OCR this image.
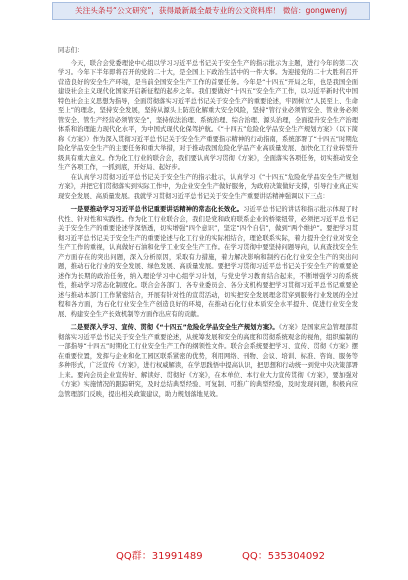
关注头条号“公文研究”，获得最新最全最专业的公文资料库！ 微信：gongwenyj

同志们：

今天，联合会党委理论中心组以学习习近平总书记关于安全生产的指示批示为主题，进行今年的第二次学习。今年下半年即将召开的党的二十大，是全国上下政治生活中的一件大事。为迎接党的二十大胜利召开营造良好的安全生产环境，是当前全国安全生产工作的首要任务。今年是“十四五”开局之年，也是我国全面建设社会主义现代化国家开启新征程的起步之年。我们要做好“十四五”安全生产工作，以习近平新时代中国特色社会主义思想为指导，全面贯彻落实习近平总书记关于安全生产的重要论述，牢固树立“人民至上、生命至上”的理念，坚持安全发展，坚持从源头上防范化解重大安全风险，坚持“管行业必须管安全、管业务必须管安全、管生产经营必须管安全”，坚持依法治理、系统治理、综合治理、源头治理，全面提升安全生产治理体系和治理能力现代化水平，为中国式现代化保驾护航。《“十四五”危险化学品安全生产规划方案》（以下简称《方案》）作为深入贯彻习近平总书记关于安全生产重要指示精神的行动指南，系统部署了“十四五”时期危险化学品安全生产的主要任务和重大举措，对于推动我国危险化学品产业高质量发展、加快化工行业转型升级具有重大意义。作为化工行业的联合会，我们要认真学习贯彻《方案》，全面落实各项任务，切实推动安全生产各项工作，一抓到底，开好局、起好步。

在认真学习贯彻习近平总书记关于安全生产的指示批示，认真学习《“十四五”危险化学品安全生产规划方案》，并把它们贯彻落实到实际工作中，为企业安全生产做好服务，为政府决策做好支撑，引导行业真正实现安全发展、高质量发展。我就学习贯彻习近平总书记关于安全生产重要讲话精神强调以下三点：

一是要推动学习习近平总书记重要讲话精神的常态化长效化。习近平总书记的讲话和指示批示体现了时代性、针对性和实践性。作为化工行业联合会，我们是党和政府联系企业的桥梁纽带，必须把习近平总书记关于安全生产的重要论述学深悟透，切实增强“四个意识”，坚定“四个自信”，做到“两个维护”。要把学习贯彻习近平总书记关于安全生产的重要论述与化工行业的实际相结合，理论联系实际，着力提升全行业对安全生产工作的重视，认真做好石油和化学工业安全生产工作。在学习贯彻中要坚持问题导向，认真查找安全生产方面存在的突出问题，深入分析原因，采取有力措施，着力解决影响和制约石化行业安全生产的突出问题，推动石化行业的安全发展、绿色发展、高质量发展。要把学习贯彻习近平总书记关于安全生产的重要论述作为长期的政治任务，纳入理论学习中心组学习计划，与党史学习教育结合起来，不断增强学习的系统性，推动学习常态化制度化。联合会各部门、各专业委员会、各分支机构要把学习贯彻习近平总书记重要论述与推动本部门工作紧密结合，开展有针对性的宣贯活动，切实把安全发展理念贯穿到服务行业发展的全过程和各方面，为石化行业安全生产创造良好的环境，在推动石化行业本质安全水平提升、促进行业安全发展、构建安全生产长效机制等方面作出应有的贡献。

二是要深入学习、宣传、贯彻《“十四五”危险化学品安全生产规划方案》。《方案》是国家应急管理部贯彻落实习近平总书记关于安全生产重要论述，从统筹发展和安全的高度和贯彻系统观念的视角，组织编制的一部指导“十四五”时期化工行业安全生产工作的纲领性文件。联合会系统要把学习、宣传、贯彻《方案》摆在重要位置，发挥与企业和化工园区联系紧密的优势，利用网络、刊物、会议、培训、标准、咨询、服务等多种形式，广泛宣传《方案》，进行权威解读，在学思践悟中提高认识，把思想和行动统一到党中央决策部署上来。要向会员企业宣传好、解读好、贯彻好《方案》，在本单位、本行业大力宣传贯彻《方案》，要加强对《方案》实施情况的跟踪研究，及时总结典型经验、可复制、可推广的典型经验，及时发现问题，积极向应急管理部门反映，提出相关政策建议，助力规划落地见效。

QQ群：31991489	QQ：535304092
